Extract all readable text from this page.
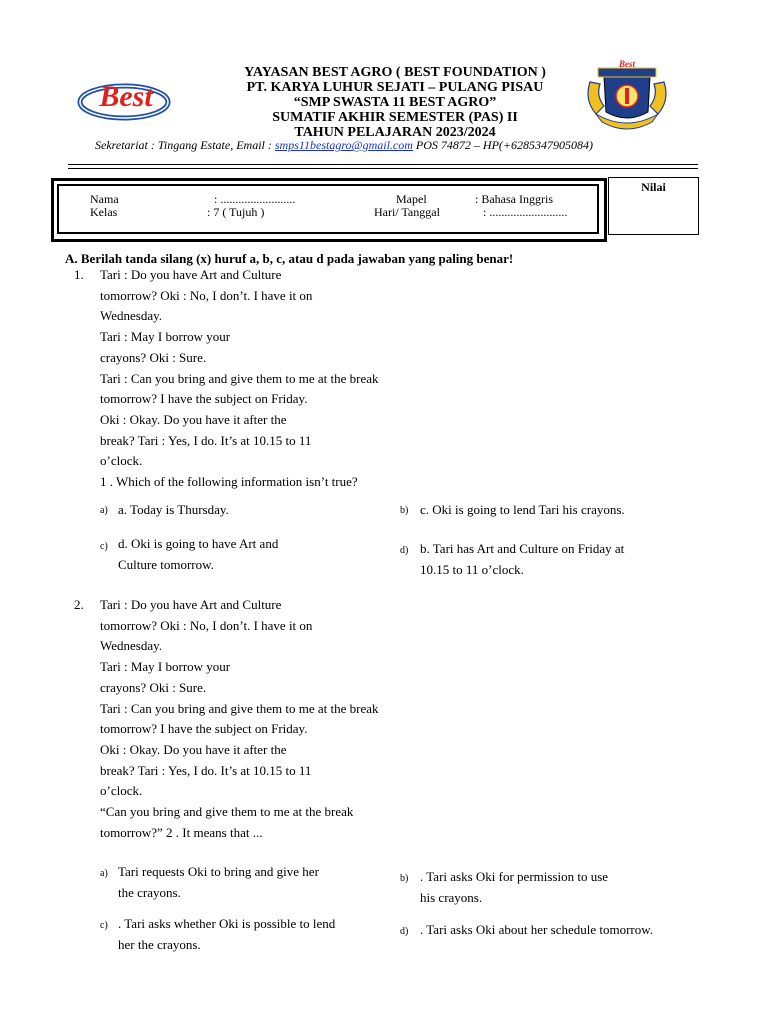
Best
Best
YAYASAN BEST AGRO ( BEST FOUNDATION )
PT. KARYA LUHUR SEJATI – PULANG PISAU
“SMP SWASTA 11 BEST AGRO”
SUMATIF AKHIR SEMESTER (PAS) II
TAHUN PELAJARAN 2023/2024
Sekretariat : Tingang Estate, Email : smps11bestagro@gmail.com POS 74872 – HP(+6285347905084)
Nama	: .........................
Kelas	: 7 ( Tujuh )
Mapel	: Bahasa Inggris
Hari/ Tanggal	: ..........................
Nilai
A. Berilah tanda silang (x) huruf a, b, c, atau d pada jawaban yang paling benar!
1. Tari : Do you have Art and Culture
tomorrow? Oki : No, I don’t. I have it on
Wednesday.
Tari : May I borrow your
crayons? Oki : Sure.
Tari : Can you bring and give them to me at the break
tomorrow? I have the subject on Friday.
Oki : Okay. Do you have it after the
break? Tari : Yes, I do. It’s at 10.15 to 11
o’clock.
1 . Which of the following information isn’t true?
a) a. Today is Thursday.	b) c. Oki is going to lend Tari his crayons.
c) d. Oki is going to have Art and
Culture tomorrow.
d) b. Tari has Art and Culture on Friday at
10.15 to 11 o’clock.
2. Tari : Do you have Art and Culture
tomorrow? Oki : No, I don’t. I have it on
Wednesday.
Tari : May I borrow your
crayons? Oki : Sure.
Tari : Can you bring and give them to me at the break
tomorrow? I have the subject on Friday.
Oki : Okay. Do you have it after the
break? Tari : Yes, I do. It’s at 10.15 to 11
o’clock.
“Can you bring and give them to me at the break
tomorrow?” 2 . It means that ...
a) Tari requests Oki to bring and give her
the crayons.
b) . Tari asks Oki for permission to use
his crayons.
c) . Tari asks whether Oki is possible to lend
her the crayons.
d) . Tari asks Oki about her schedule tomorrow.
